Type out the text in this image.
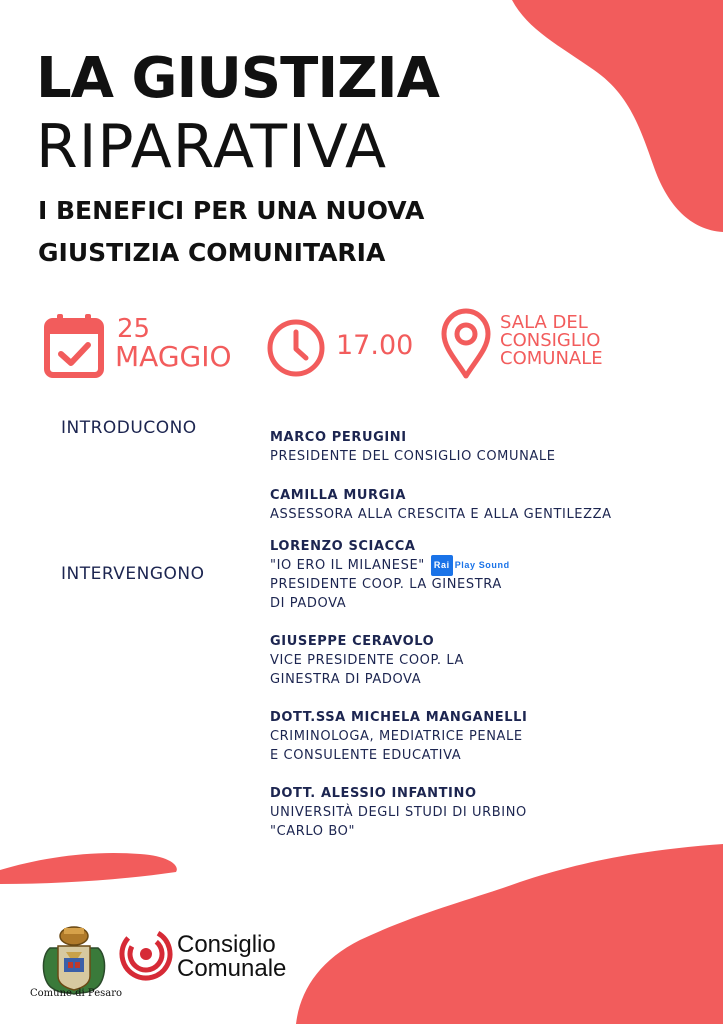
LA GIUSTIZIA
RIPARATIVA
I BENEFICI PER UNA NUOVA
GIUSTIZIA COMUNITARIA
25
MAGGIO	17.00
SALA DEL
CONSIGLIO
COMUNALE
INTRODUCONO
INTERVENGONO
MARCO PERUGINI
PRESIDENTE DEL CONSIGLIO COMUNALE
CAMILLA MURGIA
ASSESSORA ALLA CRESCITA E ALLA GENTILEZZA
LORENZO SCIACCA
"IO ERO IL MILANESE"	Rai Play Sound
PRESIDENTE COOP. LA GINESTRA
DI PADOVA
GIUSEPPE CERAVOLO
VICE PRESIDENTE COOP. LA
GINESTRA DI PADOVA
DOTT.SSA MICHELA MANGANELLI
CRIMINOLOGA, MEDIATRICE PENALE
E CONSULENTE EDUCATIVA
DOTT. ALESSIO INFANTINO
UNIVERSITÀ DEGLI STUDI DI URBINO
"CARLO BO"
Comune di Pesaro
Consiglio
Comunale
